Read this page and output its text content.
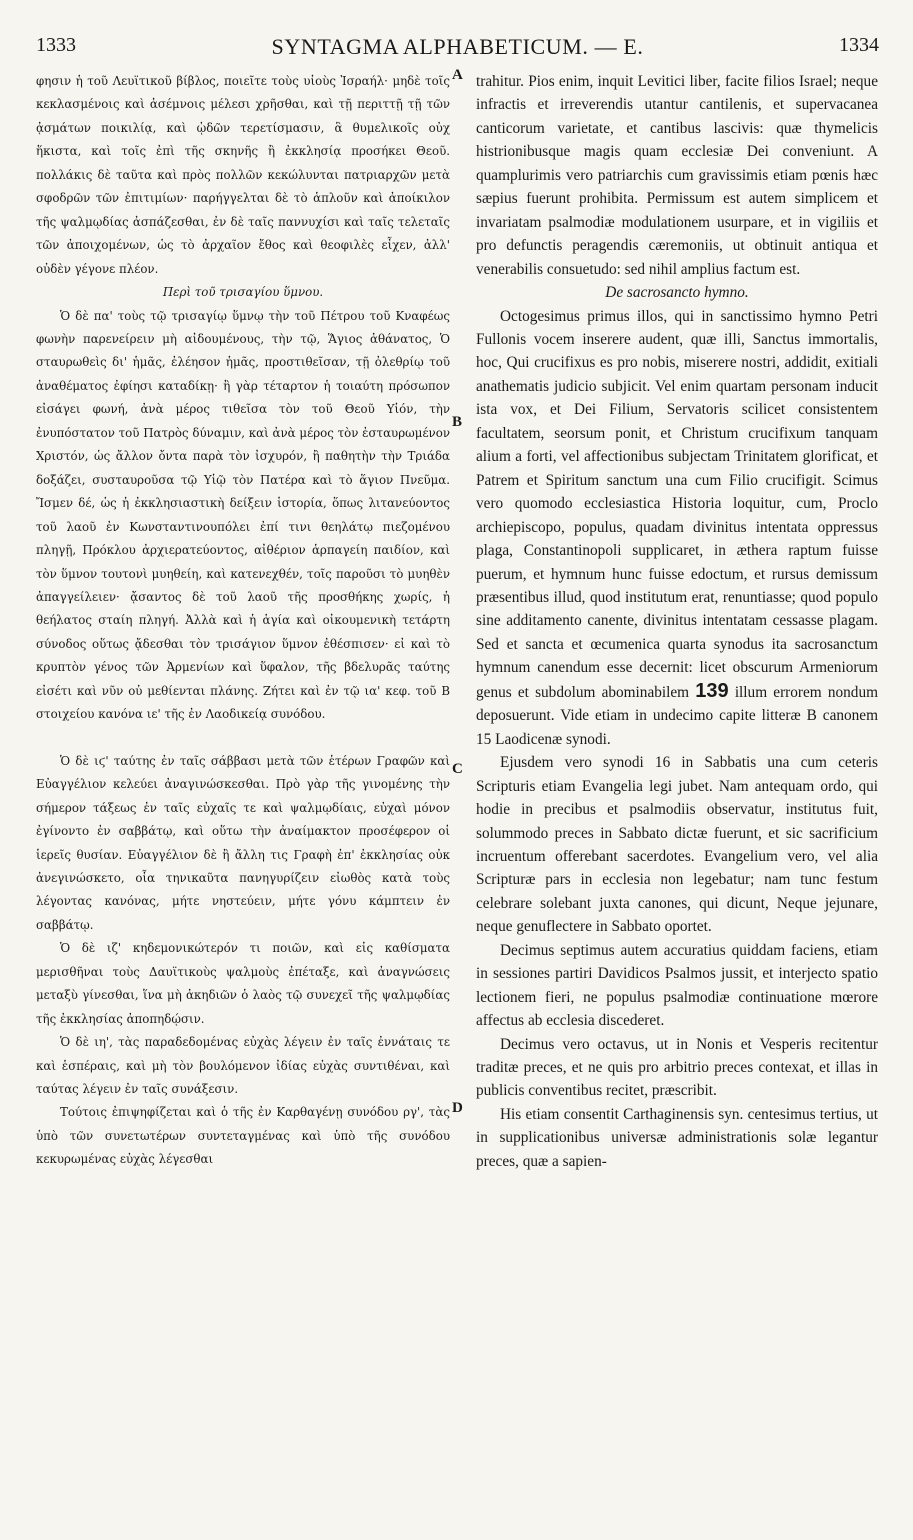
1333	SYNTAGMA ALPHABETICUM. — E.	1334

φησιν ἡ τοῦ Λευϊτικοῦ βίβλος, ποιεῖτε τοὺς υἱοὺς Ἰσραήλ· μηδὲ τοῖς κεκλασμένοις καὶ ἀσέμνοις μέλεσι χρῆσθαι, καὶ τῇ περιττῇ τῇ τῶν ᾀσμάτων ποικιλίᾳ, καὶ ᾠδῶν τερετίσμασιν, ἃ θυμελικοῖς οὐχ ἥκιστα, καὶ τοῖς ἐπὶ τῆς σκηνῆς ἢ ἐκκλησίᾳ προσήκει Θεοῦ. πολλάκις δὲ ταῦτα καὶ πρὸς πολλῶν κεκώλυνται πατριαρχῶν μετὰ σφοδρῶν τῶν ἐπιτιμίων· παρήγγελται δὲ τὸ ἁπλοῦν καὶ ἀποίκιλον τῆς ψαλμῳδίας ἀσπάζεσθαι, ἐν δὲ ταῖς παννυχίσι καὶ ταῖς τελεταῖς τῶν ἀποιχομένων, ὡς τὸ ἀρχαῖον ἔθος καὶ θεοφιλὲς εἶχεν, ἀλλ' οὐδὲν γέγονε πλέον.

Περὶ τοῦ τρισαγίου ὕμνου.

Ὁ δὲ πα' τοὺς τῷ τρισαγίῳ ὕμνῳ τὴν τοῦ Πέτρου τοῦ Κναφέως φωνὴν παρενείρειν μὴ αἰδουμένους, τὴν τῷ, Ἅγιος ἀθάνατος, Ὁ σταυρωθεὶς δι' ἡμᾶς, ἐλέησον ἡμᾶς, προστιθεῖσαν, τῇ ὀλεθρίῳ τοῦ ἀναθέματος ἐφίησι καταδίκῃ· ἢ γὰρ τέταρτον ἡ τοιαύτη πρόσωπον εἰσάγει φωνή, ἀνὰ μέρος τιθεῖσα τὸν τοῦ Θεοῦ Υἱόν, τὴν ἐνυπόστατον τοῦ Πατρὸς δύναμιν, καὶ ἀνὰ μέρος τὸν ἐσταυρωμένον Χριστόν, ὡς ἄλλον ὄντα παρὰ τὸν ἰσχυρόν, ἢ παθητὴν τὴν Τριάδα δοξάζει, συσταυροῦσα τῷ Υἱῷ τὸν Πατέρα καὶ τὸ ἅγιον Πνεῦμα. Ἴσμεν δέ, ὡς ἡ ἐκκλησιαστικὴ δείξειν ἱστορία, ὅπως λιτανεύοντος τοῦ λαοῦ ἐν Κωνσταντινουπόλει ἐπί τινι θεηλάτῳ πιεζομένου πληγῇ, Πρόκλου ἀρχιερατεύοντος, αἰθέριον ἁρπαγείη παιδίον, καὶ τὸν ὕμνον τουτονὶ μυηθείη, καὶ κατενεχθέν, τοῖς παροῦσι τὸ μυηθὲν ἀπαγγείλειεν· ᾄσαντος δὲ τοῦ λαοῦ τῆς προσθήκης χωρίς, ἡ θεήλατος σταίη πληγή. Ἀλλὰ καὶ ἡ ἁγία καὶ οἰκουμενικὴ τετάρτη σύνοδος οὕτως ᾄδεσθαι τὸν τρισάγιον ὕμνον ἐθέσπισεν· εἰ καὶ τὸ κρυπτὸν γένος τῶν Ἀρμενίων καὶ ὕφαλον, τῆς βδελυρᾶς ταύτης εἰσέτι καὶ νῦν οὐ μεθίενται πλάνης. Ζήτει καὶ ἐν τῷ ια' κεφ. τοῦ Β στοιχείου κανόνα ιε' τῆς ἐν Λαοδικείᾳ συνόδου.

Ὁ δὲ ιϛ' ταύτης ἐν ταῖς σάββασι μετὰ τῶν ἑτέρων Γραφῶν καὶ Εὐαγγέλιον κελεύει ἀναγινώσκεσθαι. Πρὸ γὰρ τῆς γινομένης τὴν σήμερον τάξεως ἐν ταῖς εὐχαῖς τε καὶ ψαλμῳδίαις, εὐχαὶ μόνον ἐγίνοντο ἐν σαββάτῳ, καὶ οὕτω τὴν ἀναίμακτον προσέφερον οἱ ἱερεῖς θυσίαν. Εὐαγγέλιον δὲ ἢ ἄλλη τις Γραφὴ ἐπ' ἐκκλησίας οὐκ ἀνεγινώσκετο, οἷα τηνικαῦτα πανηγυρίζειν εἰωθὸς κατὰ τοὺς λέγοντας κανόνας, μήτε νηστεύειν, μήτε γόνυ κάμπτειν ἐν σαββάτῳ.

Ὁ δὲ ιζ' κηδεμονικώτερόν τι ποιῶν, καὶ εἰς καθίσματα μερισθῆναι τοὺς Δαυϊτικοὺς ψαλμοὺς ἐπέταξε, καὶ ἀναγνώσεις μεταξὺ γίνεσθαι, ἵνα μὴ ἀκηδιῶν ὁ λαὸς τῷ συνεχεῖ τῆς ψαλμῳδίας τῆς ἐκκλησίας ἀποπηδῴσιν.

Ὁ δὲ ιη', τὰς παραδεδομένας εὐχὰς λέγειν ἐν ταῖς ἐννάταις τε καὶ ἑσπέραις, καὶ μὴ τὸν βουλόμενον ἰδίας εὐχὰς συντιθέναι, καὶ ταύτας λέγειν ἐν ταῖς συνάξεσιν.

Τούτοις ἐπιψηφίζεται καὶ ὁ τῆς ἐν Καρθαγένῃ συνόδου ργ', τὰς ὑπὸ τῶν συνετωτέρων συντεταγμένας καὶ ὑπὸ τῆς συνόδου κεκυρωμένας εὐχὰς λέγεσθαι

trahitur. Pios enim, inquit Levitici liber, facite filios Israel; neque infractis et irreverendis utantur cantilenis, et supervacanea canticorum varietate, et cantibus lascivis: quæ thymelicis histrionibusque magis quam ecclesiæ Dei conveniunt. A quamplurimis vero patriarchis cum gravissimis etiam pœnis hæc sæpius fuerunt prohibita. Permissum est autem simplicem et invariatam psalmodiæ modulationem usurpare, et in vigiliis et pro defunctis peragendis cæremoniis, ut obtinuit antiqua et venerabilis consuetudo: sed nihil amplius factum est.

De sacrosancto hymno.

Octogesimus primus illos, qui in sanctissimo hymno Petri Fullonis vocem inserere audent, quæ illi, Sanctus immortalis, hoc, Qui crucifixus es pro nobis, miserere nostri, addidit, exitiali anathematis judicio subjicit. Vel enim quartam personam inducit ista vox, et Dei Filium, Servatoris scilicet consistentem facultatem, seorsum ponit, et Christum crucifixum tanquam alium a forti, vel affectionibus subjectam Trinitatem glorificat, et Patrem et Spiritum sanctum una cum Filio crucifigit. Scimus vero quomodo ecclesiastica Historia loquitur, cum, Proclo archiepiscopo, populus, quadam divinitus intentata oppressus plaga, Constantinopoli supplicaret, in æthera raptum fuisse puerum, et hymnum hunc fuisse edoctum, et rursus demissum præsentibus illud, quod institutum erat, renuntiasse; quod populo sine additamento canente, divinitus intentatam cessasse plagam. Sed et sancta et œcumenica quarta synodus ita sacrosanctum hymnum canendum esse decernit: licet obscurum Armeniorum genus et subdolum abominabilem 139 illum errorem nondum deposuerunt. Vide etiam in undecimo capite litteræ B canonem 15 Laodicenæ synodi.

Ejusdem vero synodi 16 in Sabbatis una cum ceteris Scripturis etiam Evangelia legi jubet. Nam antequam ordo, qui hodie in precibus et psalmodiis observatur, institutus fuit, solummodo preces in Sabbato dictæ fuerunt, et sic sacrificium incruentum offerebant sacerdotes. Evangelium vero, vel alia Scripturæ pars in ecclesia non legebatur; nam tunc festum celebrare solebant juxta canones, qui dicunt, Neque jejunare, neque genuflectere in Sabbato oportet.

Decimus septimus autem accuratius quiddam faciens, etiam in sessiones partiri Davidicos Psalmos jussit, et interjecto spatio lectionem fieri, ne populus psalmodiæ continuatione mœrore affectus ab ecclesia discederet.

Decimus vero octavus, ut in Nonis et Vesperis recitentur traditæ preces, et ne quis pro arbitrio preces contexat, et illas in publicis conventibus recitet, præscribit.

His etiam consentit Carthaginensis syn. centesimus tertius, ut in supplicationibus universæ administrationis solæ legantur preces, quæ a sapien-

A
B
C
D
